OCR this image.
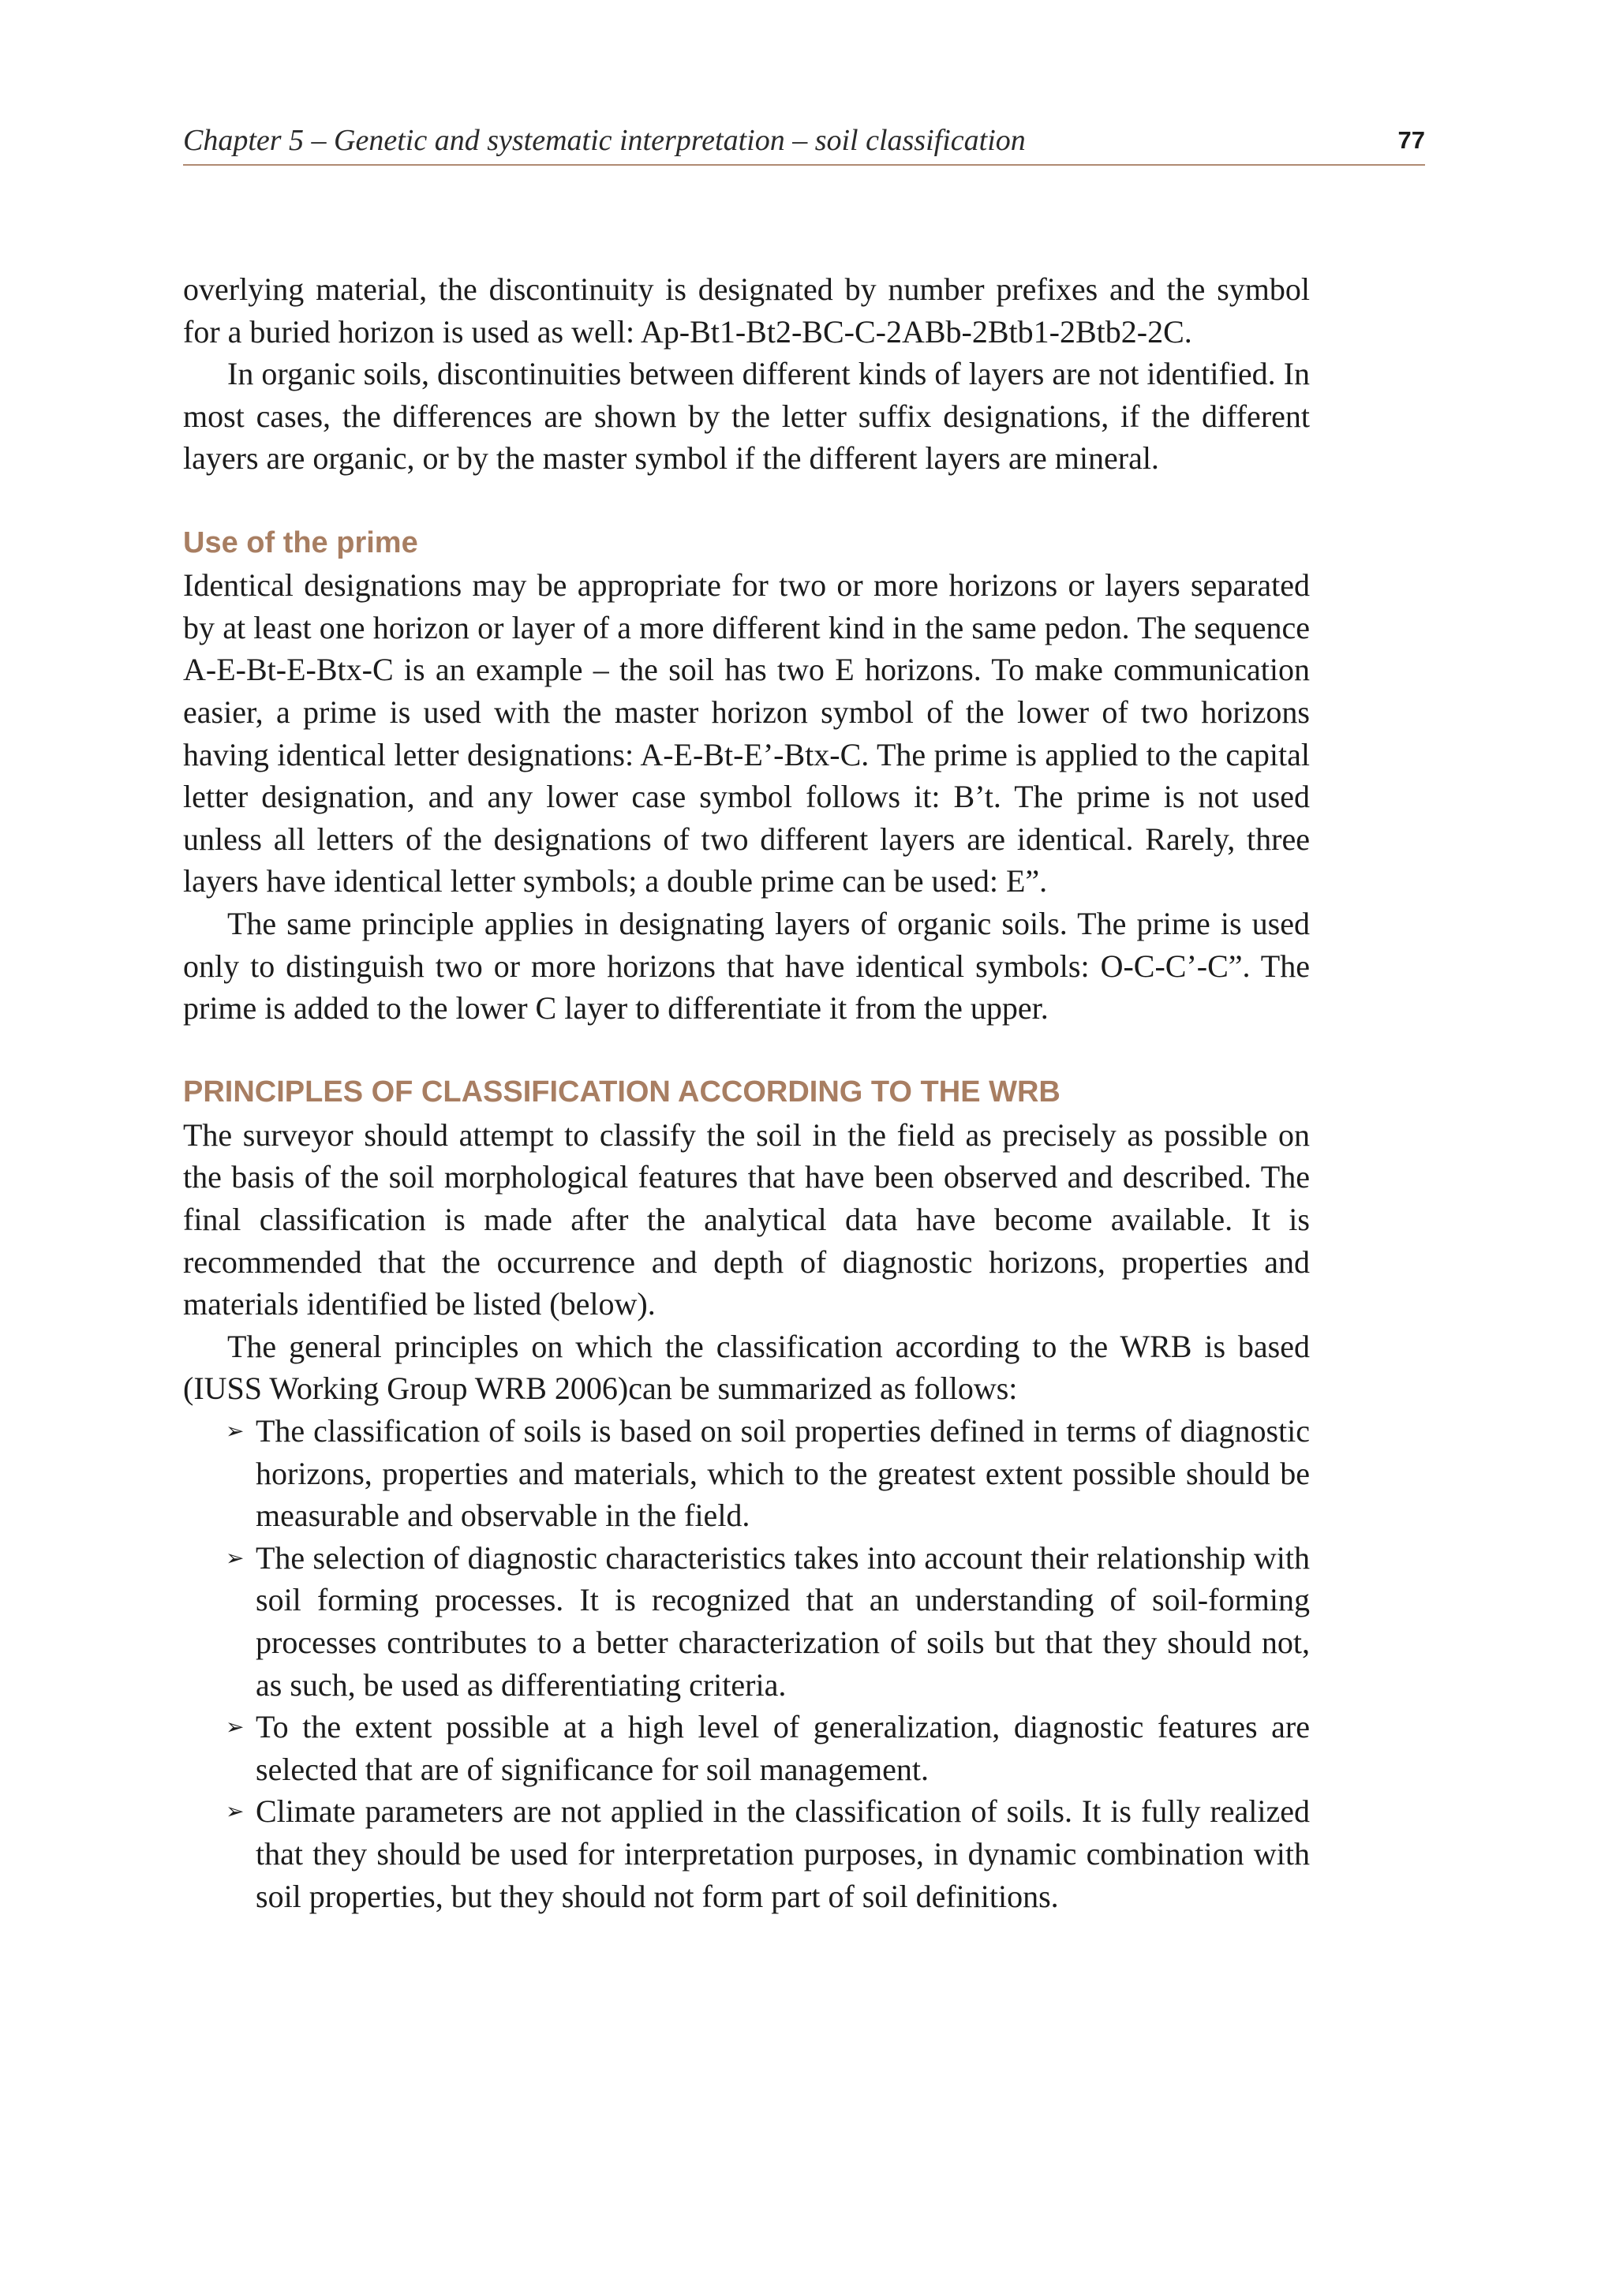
Chapter 5 – Genetic and systematic interpretation – soil classification	77

overlying material, the discontinuity is designated by number prefixes and the symbol for a buried horizon is used as well: Ap-Bt1-Bt2-BC-C-2ABb-2Btb1-2Btb2-2C.

In organic soils, discontinuities between different kinds of layers are not identified. In most cases, the differences are shown by the letter suffix designations, if the different layers are organic, or by the master symbol if the different layers are mineral.

Use of the prime

Identical designations may be appropriate for two or more horizons or layers separated by at least one horizon or layer of a more different kind in the same pedon. The sequence A-E-Bt-E-Btx-C is an example – the soil has two E horizons. To make communication easier, a prime is used with the master horizon symbol of the lower of two horizons having identical letter designations: A-E-Bt-E’-Btx-C. The prime is applied to the capital letter designation, and any lower case symbol follows it: B’t. The prime is not used unless all letters of the designations of two different layers are identical. Rarely, three layers have identical letter symbols; a double prime can be used: E”.

The same principle applies in designating layers of organic soils. The prime is used only to distinguish two or more horizons that have identical symbols: O-C-C’-C”. The prime is added to the lower C layer to differentiate it from the upper.

PRINCIPLES OF CLASSIFICATION ACCORDING TO THE WRB

The surveyor should attempt to classify the soil in the field as precisely as possible on the basis of the soil morphological features that have been observed and described. The final classification is made after the analytical data have become available. It is recommended that the occurrence and depth of diagnostic horizons, properties and materials identified be listed (below).

The general principles on which the classification according to the WRB is based (IUSS Working Group WRB 2006)can be summarized as follows:

➢ The classification of soils is based on soil properties defined in terms of diagnostic horizons, properties and materials, which to the greatest extent possible should be measurable and observable in the field.
➢ The selection of diagnostic characteristics takes into account their relationship with soil forming processes. It is recognized that an understanding of soil-forming processes contributes to a better characterization of soils but that they should not, as such, be used as differentiating criteria.
➢ To the extent possible at a high level of generalization, diagnostic features are selected that are of significance for soil management.
➢ Climate parameters are not applied in the classification of soils. It is fully realized that they should be used for interpretation purposes, in dynamic combination with soil properties, but they should not form part of soil definitions.
